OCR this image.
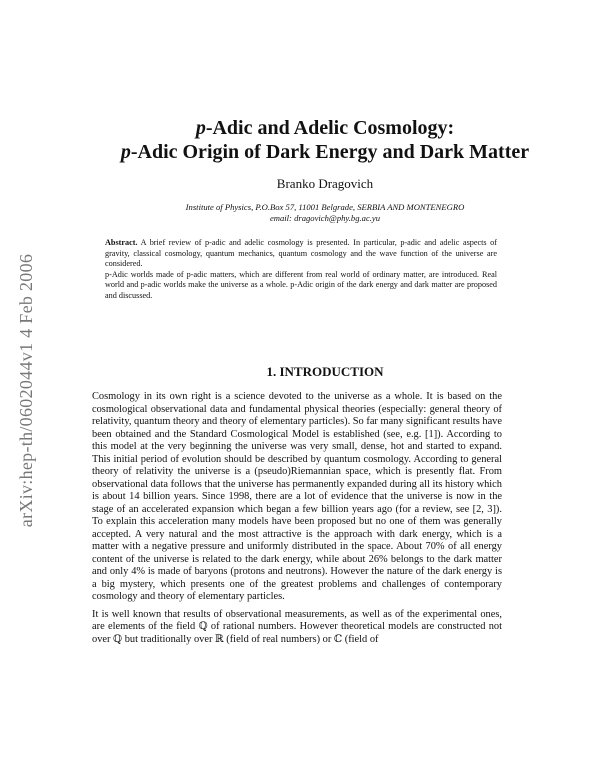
arXiv:hep-th/0602044v1 4 Feb 2006
p-Adic and Adelic Cosmology:
p-Adic Origin of Dark Energy and Dark Matter
Branko Dragovich
Institute of Physics, P.O.Box 57, 11001 Belgrade, SERBIA AND MONTENEGRO
email: dragovich@phy.bg.ac.yu

Abstract. A brief review of p-adic and adelic cosmology is presented. In particular, p-adic and adelic aspects of gravity, classical cosmology, quantum mechanics, quantum cosmology and the wave function of the universe are considered.

p-Adic worlds made of p-adic matters, which are different from real world of ordinary matter, are introduced. Real world and p-adic worlds make the universe as a whole. p-Adic origin of the dark energy and dark matter are proposed and discussed.

1. INTRODUCTION

Cosmology in its own right is a science devoted to the universe as a whole. It is based on the cosmological observational data and fundamental physical theories (especially: general theory of relativity, quantum theory and theory of elementary particles). So far many significant results have been obtained and the Standard Cosmological Model is established (see, e.g. [1]). According to this model at the very beginning the universe was very small, dense, hot and started to expand. This initial period of evolution should be described by quantum cosmology. According to general theory of relativity the universe is a (pseudo)Riemannian space, which is presently flat. From observational data follows that the universe has permanently expanded during all its history which is about 14 billion years. Since 1998, there are a lot of evidence that the universe is now in the stage of an accelerated expansion which began a few billion years ago (for a review, see [2, 3]). To explain this acceleration many models have been proposed but no one of them was generally accepted. A very natural and the most attractive is the approach with dark energy, which is a matter with a negative pressure and uniformly distributed in the space. About 70% of all energy content of the universe is related to the dark energy, while about 26% belongs to the dark matter and only 4% is made of baryons (protons and neutrons). However the nature of the dark energy is a big mystery, which presents one of the greatest problems and challenges of contemporary cosmology and theory of elementary particles.

It is well known that results of observational measurements, as well as of the experimental ones, are elements of the field ℚ of rational numbers. However theoretical models are constructed not over ℚ but traditionally over ℝ (field of real numbers) or ℂ (field of
